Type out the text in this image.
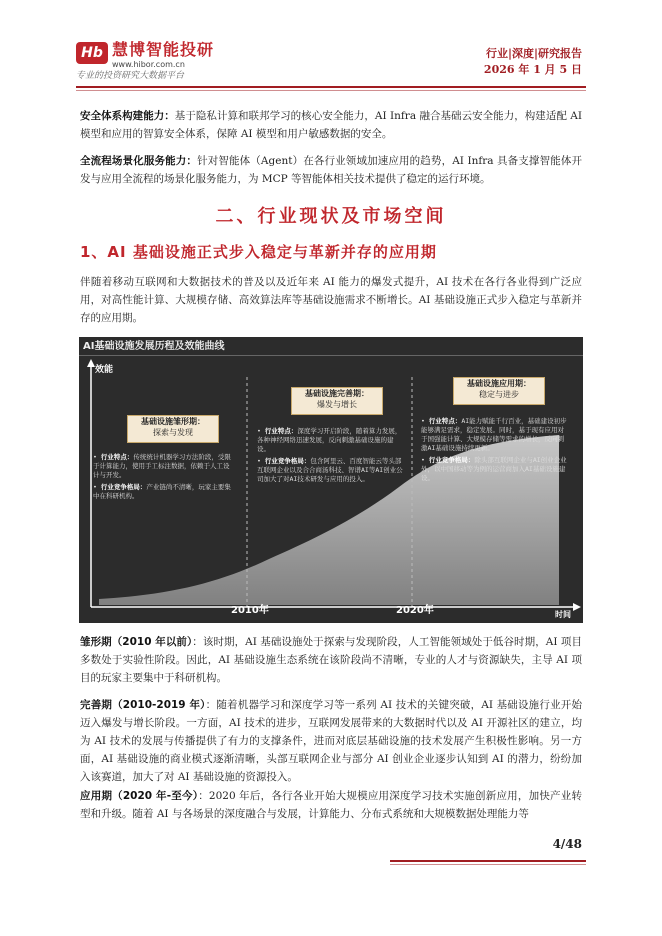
Hb 慧博智能投研
www.hibor.com.cn
专业的投资研究大数据平台
行业|深度|研究报告
2026 年 1 月 5 日
安全体系构建能力：基于隐私计算和联邦学习的核心安全能力，AI Infra 融合基础云安全能力，构建适配 AI 模型和应用的智算安全体系，保障 AI 模型和用户敏感数据的安全。
全流程场景化服务能力：针对智能体（Agent）在各行业领域加速应用的趋势，AI Infra 具备支撑智能体开发与应用全流程的场景化服务能力，为 MCP 等智能体相关技术提供了稳定的运行环境。
二、行业现状及市场空间
1、AI 基础设施正式步入稳定与革新并存的应用期
伴随着移动互联网和大数据技术的普及以及近年来 AI 能力的爆发式提升，AI 技术在各行各业得到广泛应用，对高性能计算、大规模存储、高效算法库等基础设施需求不断增长。AI 基础设施正式步入稳定与革新并存的应用期。
AI基础设施发展历程及效能曲线
效能
2010年	2020年	时间
基础设施雏形期：
探索与发现
• 行业特点：传统统计机器学习方法阶段，受限于计算能力，使用手工标注数据，依赖于人工设计与开发。
• 行业竞争格局：产业链尚不清晰，玩家主要集中在科研机构。
基础设施完善期：
爆发与增长
• 行业特点：深度学习开启阶段，随着算力发展，各种神经网络迅速发展，反向刺激基础设施的建设。
• 行业竞争格局：包含阿里云、百度智能云等头部互联网企业以及合合商汤科技、智谱AI等AI创业公司加大了对AI技术研发与应用的投入。
基础设施应用期：
稳定与进步
• 行业特点：AI能力赋能千行百业，基础建设初步能够满足需求，稳定发展。同时，基于现有应用对于国强能计算、大规模存储等需求的增长，反向刺激AI基础设施持续更新。
• 行业竞争格局：除头部互联网企业与AI创业企业外，以中国移动等为例的运营商加入AI基础设施建设。
雏形期（2010 年以前）：该时期，AI 基础设施处于探索与发现阶段，人工智能领域处于低谷时期，AI 项目多数处于实验性阶段。因此，AI 基础设施生态系统在该阶段尚不清晰，专业的人才与资源缺失，主导 AI 项目的玩家主要集中于科研机构。
完善期（2010-2019 年）：随着机器学习和深度学习等一系列 AI 技术的关键突破，AI 基础设施行业开始迈入爆发与增长阶段。一方面，AI 技术的进步，互联网发展带来的大数据时代以及 AI 开源社区的建立，均为 AI 技术的发展与传播提供了有力的支撑条件，进而对底层基础设施的技术发展产生积极性影响。另一方面，AI 基础设施的商业模式逐渐清晰，头部互联网企业与部分 AI 创业企业逐步认知到 AI 的潜力，纷纷加入该赛道，加大了对 AI 基础设施的资源投入。
应用期（2020 年-至今）：2020 年后，各行各业开始大规模应用深度学习技术实施创新应用，加快产业转型和升级。随着 AI 与各场景的深度融合与发展，计算能力、分布式系统和大规模数据处理能力等
4/48
